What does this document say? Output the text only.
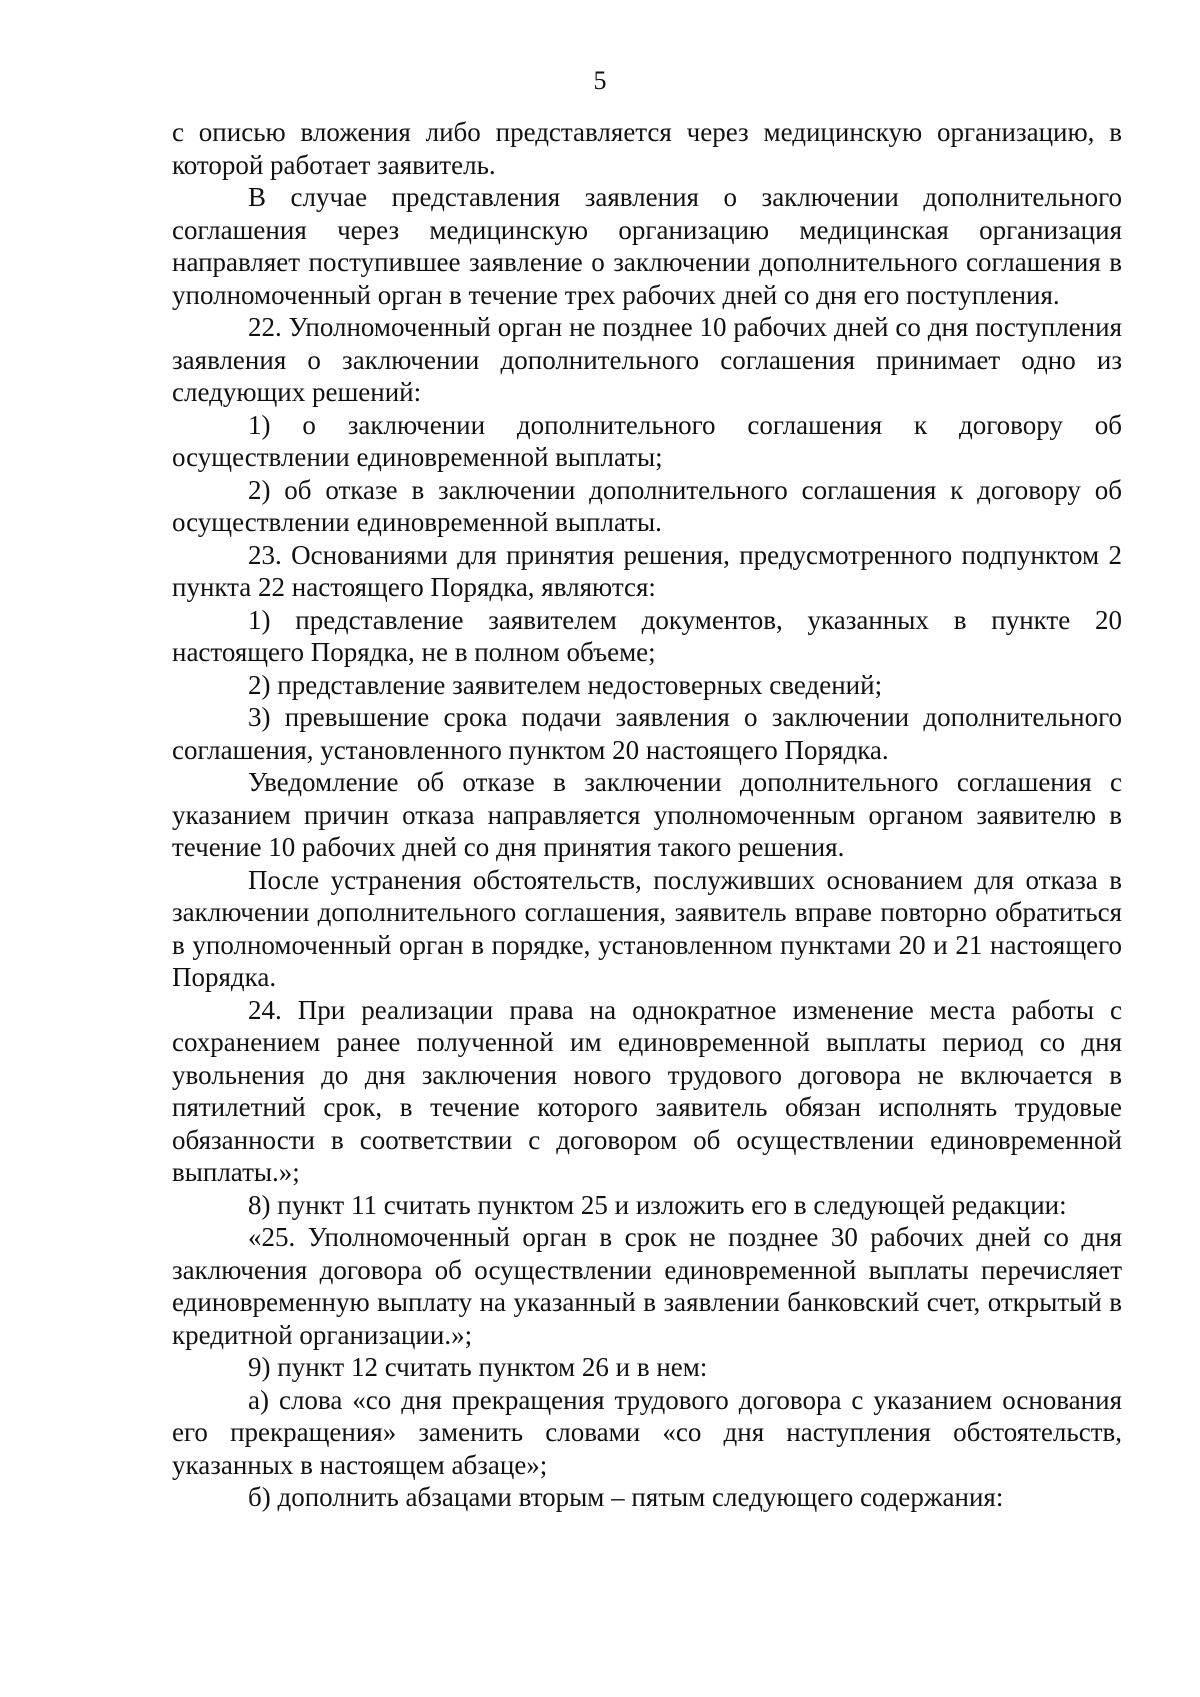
5

с описью вложения либо представляется через медицинскую организацию, в которой работает заявитель.

В случае представления заявления о заключении дополнительного соглашения через медицинскую организацию медицинская организация направляет поступившее заявление о заключении дополнительного соглашения в уполномоченный орган в течение трех рабочих дней со дня его поступления.

22. Уполномоченный орган не позднее 10 рабочих дней со дня поступления заявления о заключении дополнительного соглашения принимает одно из следующих решений:

1) о заключении дополнительного соглашения к договору об осуществлении единовременной выплаты;

2) об отказе в заключении дополнительного соглашения к договору об осуществлении единовременной выплаты.

23. Основаниями для принятия решения, предусмотренного подпунктом 2 пункта 22 настоящего Порядка, являются:

1) представление заявителем документов, указанных в пункте 20 настоящего Порядка, не в полном объеме;

2) представление заявителем недостоверных сведений;

3) превышение срока подачи заявления о заключении дополнительного соглашения, установленного пунктом 20 настоящего Порядка.

Уведомление об отказе в заключении дополнительного соглашения с указанием причин отказа направляется уполномоченным органом заявителю в течение 10 рабочих дней со дня принятия такого решения.

После устранения обстоятельств, послуживших основанием для отказа в заключении дополнительного соглашения, заявитель вправе повторно обратиться в уполномоченный орган в порядке, установленном пунктами 20 и 21 настоящего Порядка.

24. При реализации права на однократное изменение места работы с сохранением ранее полученной им единовременной выплаты период со дня увольнения до дня заключения нового трудового договора не включается в пятилетний срок, в течение которого заявитель обязан исполнять трудовые обязанности в соответствии с договором об осуществлении единовременной выплаты.»;

8) пункт 11 считать пунктом 25 и изложить его в следующей редакции:

«25. Уполномоченный орган в срок не позднее 30 рабочих дней со дня заключения договора об осуществлении единовременной выплаты перечисляет единовременную выплату на указанный в заявлении банковский счет, открытый в кредитной организации.»;

9) пункт 12 считать пунктом 26 и в нем:

а) слова «со дня прекращения трудового договора с указанием основания его прекращения» заменить словами «со дня наступления обстоятельств, указанных в настоящем абзаце»;

б) дополнить абзацами вторым – пятым следующего содержания:
